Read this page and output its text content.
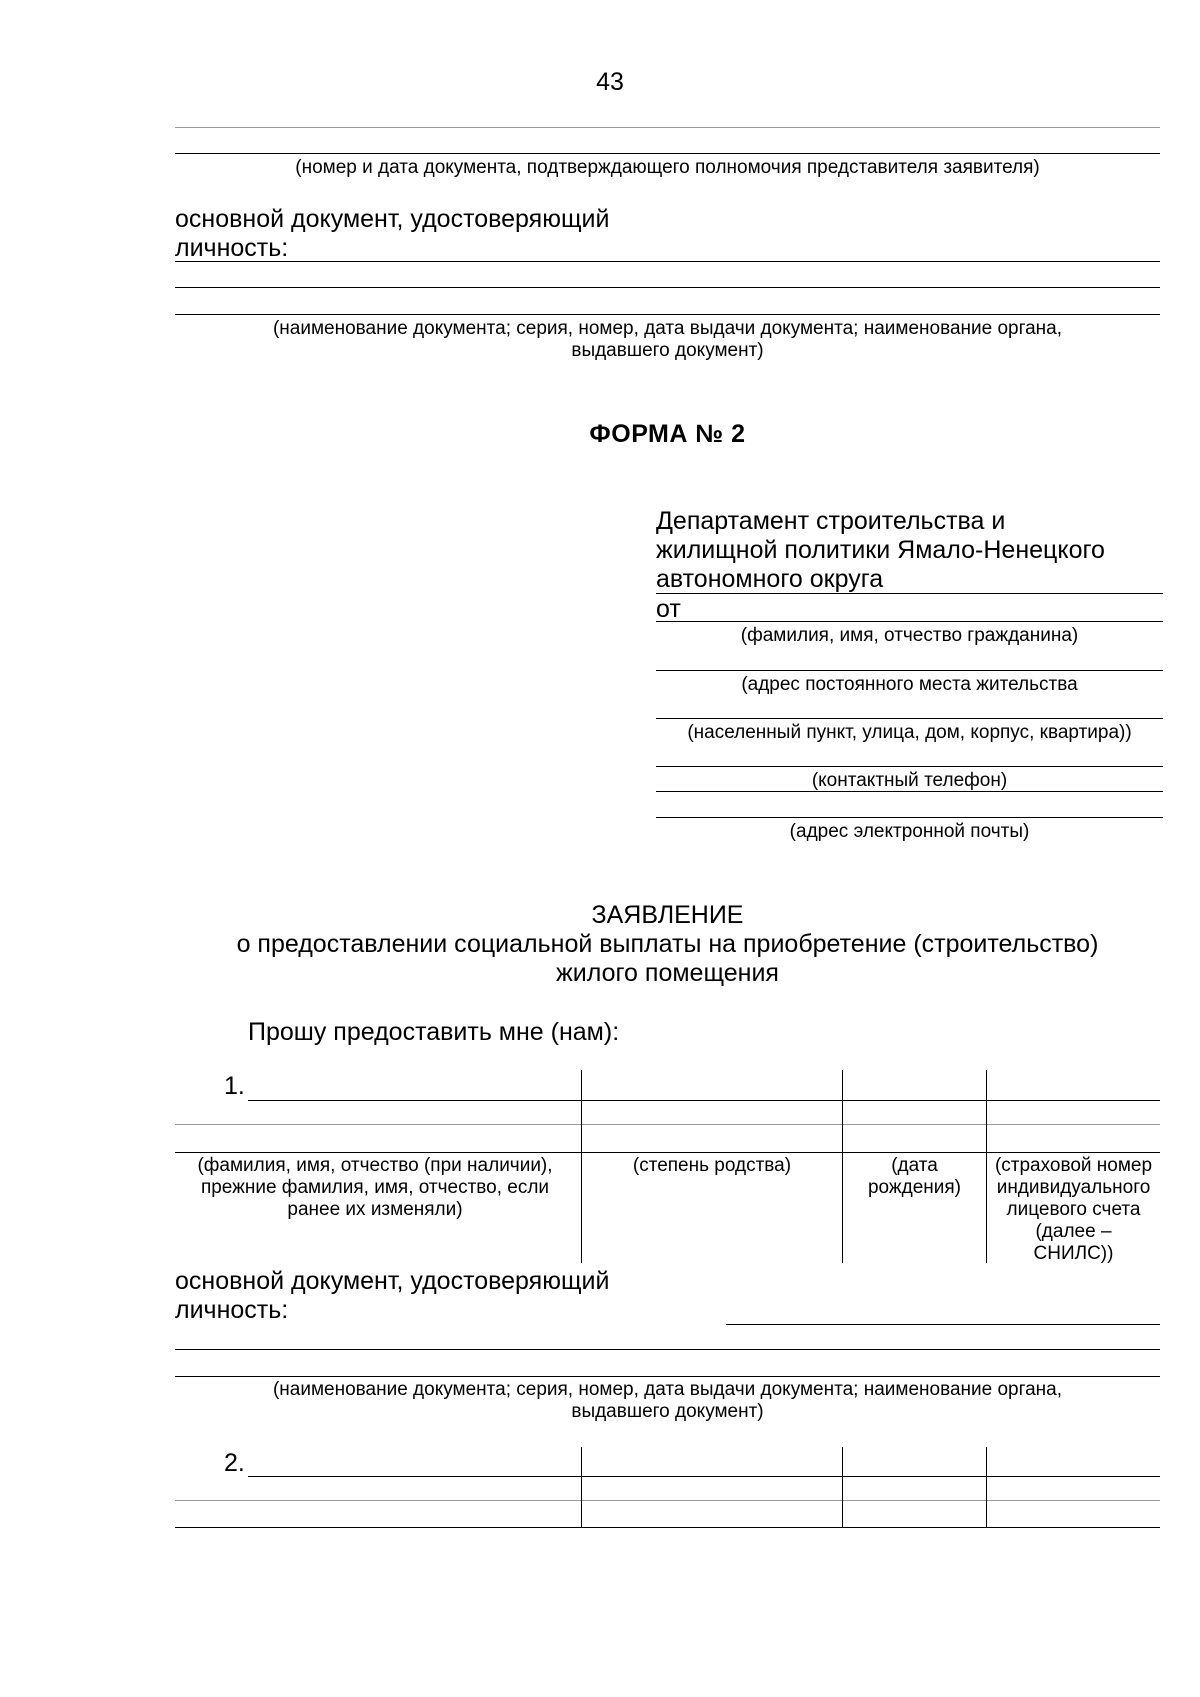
43
(номер и дата документа, подтверждающего полномочия представителя заявителя)
основной документ, удостоверяющий
личность:
(наименование документа; серия, номер, дата выдачи документа; наименование органа,
выдавшего документ)
ФОРМА № 2
Департамент строительства и
жилищной политики Ямало-Ненецкого
автономного округа
от
(фамилия, имя, отчество гражданина)
(адрес постоянного места жительства
(населенный пункт, улица, дом, корпус, квартира))
(контактный телефон)
(адрес электронной почты)
ЗАЯВЛЕНИЕ
о предоставлении социальной выплаты на приобретение (строительство)
жилого помещения
Прошу предоставить мне (нам):
1.
(фамилия, имя, отчество (при наличии),
прежние фамилия, имя, отчество, если
ранее их изменяли)
(степень родства)	(дата
рождения)
(страховой номер
индивидуального
лицевого счета
(далее –
СНИЛС))
основной документ, удостоверяющий
личность:
(наименование документа; серия, номер, дата выдачи документа; наименование органа,
выдавшего документ)
2.
